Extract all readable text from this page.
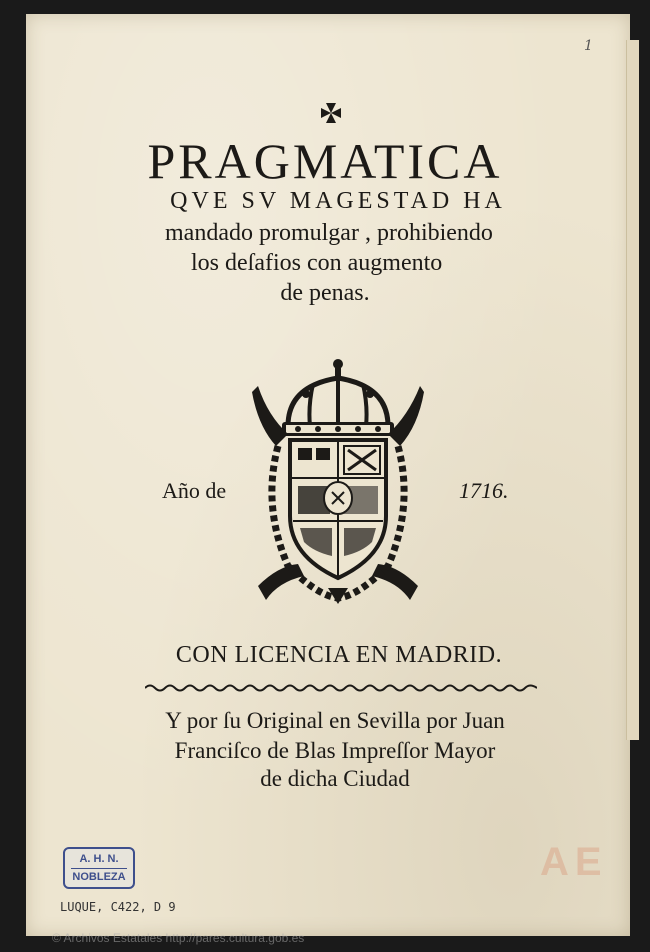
1
PRAGMATICA

QVE SV MAGESTAD HA

mandado promulgar , prohibiendo

los deſafios con augmento

de penas.

Año de	1716.
CON LICENCIA EN MADRID.
Y por ſu Original en Sevilla por Juan
Franciſco de Blas Impreſſor Mayor
de dicha Ciudad
A. H. N.
NOBLEZA
LUQUE, C422, D 9
AE
© Archivos Estatales http://pares.cultura.gob.es
